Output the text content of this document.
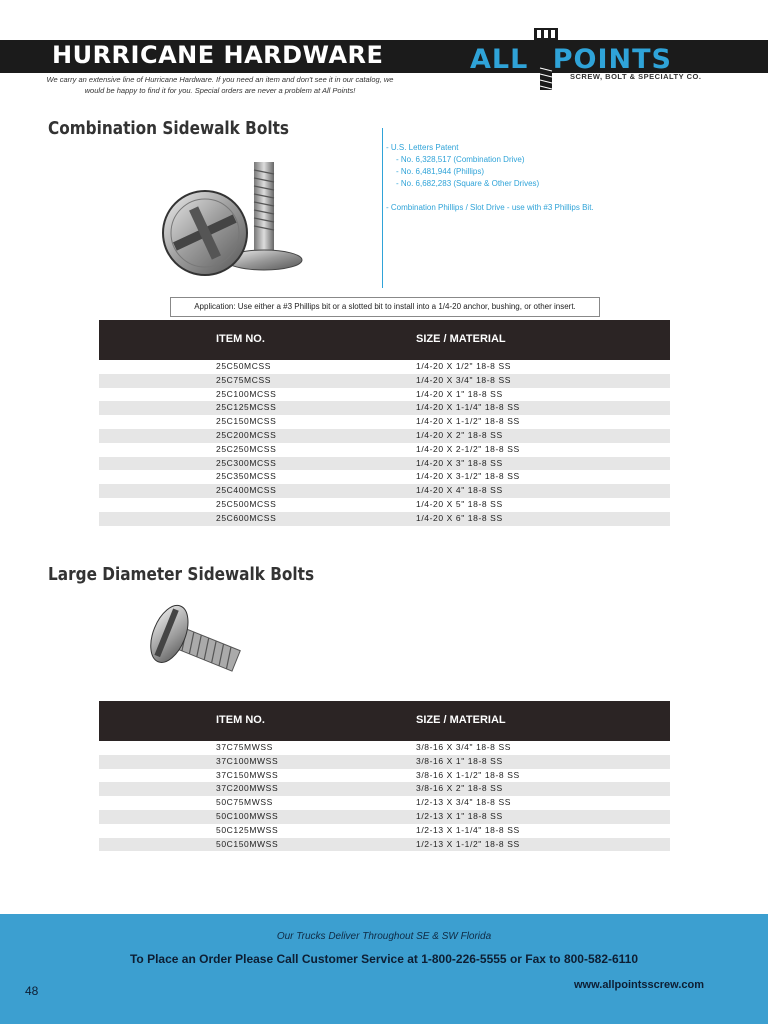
HURRICANE HARDWARE	ALL POINTS
SCREW, BOLT & SPECIALTY CO.
We carry an extensive line of Hurricane Hardware. If you need an item and don't see it in our catalog, we
would be happy to find it for you. Special orders are never a problem at All Points!
Combination Sidewalk Bolts
- U.S. Letters Patent
- No. 6,328,517 (Combination Drive)
- No. 6,481,944 (Phillips)
- No. 6,682,283 (Square & Other Drives)
- Combination Phillips / Slot Drive - use with #3 Phillips Bit.
Application: Use either a #3 Phillips bit or a slotted bit to install into a 1/4-20 anchor, bushing, or other insert.
ITEM NO.	SIZE / MATERIAL
25C50MCSS	1/4-20 X 1/2" 18-8 SS
25C75MCSS	1/4-20 X 3/4" 18-8 SS
25C100MCSS	1/4-20 X 1" 18-8 SS
25C125MCSS	1/4-20 X 1-1/4" 18-8 SS
25C150MCSS	1/4-20 X 1-1/2" 18-8 SS
25C200MCSS	1/4-20 X 2" 18-8 SS
25C250MCSS	1/4-20 X 2-1/2" 18-8 SS
25C300MCSS	1/4-20 X 3" 18-8 SS
25C350MCSS	1/4-20 X 3-1/2" 18-8 SS
25C400MCSS	1/4-20 X 4" 18-8 SS
25C500MCSS	1/4-20 X 5" 18-8 SS
25C600MCSS	1/4-20 X 6" 18-8 SS
Large Diameter Sidewalk Bolts
ITEM NO.	SIZE / MATERIAL
37C75MWSS	3/8-16 X 3/4" 18-8 SS
37C100MWSS	3/8-16 X 1" 18-8 SS
37C150MWSS	3/8-16 X 1-1/2" 18-8 SS
37C200MWSS	3/8-16 X 2" 18-8 SS
50C75MWSS	1/2-13 X 3/4" 18-8 SS
50C100MWSS	1/2-13 X 1" 18-8 SS
50C125MWSS	1/2-13 X 1-1/4" 18-8 SS
50C150MWSS	1/2-13 X 1-1/2" 18-8 SS
Our Trucks Deliver Throughout SE & SW Florida
To Place an Order Please Call Customer Service at 1-800-226-5555 or Fax to 800-582-6110
www.allpointsscrew.com
48
